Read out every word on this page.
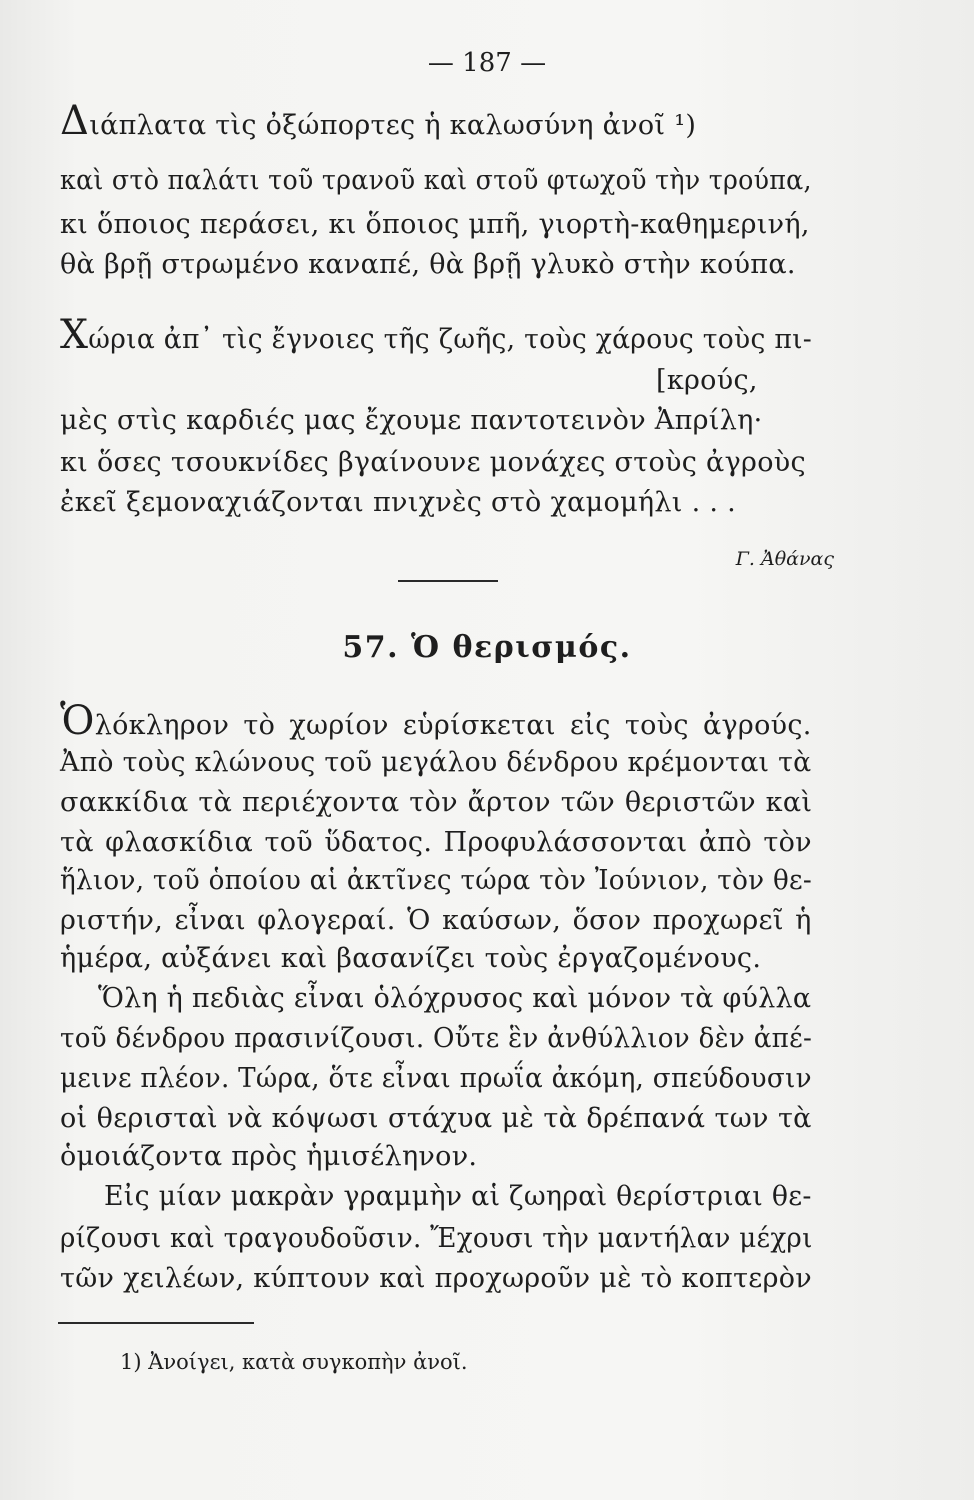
— 187 —
Διάπλατα τὶς ὀξώπορτες ἡ καλωσύνη ἀνοῖ ¹)
καὶ στὸ παλάτι τοῦ τρανοῦ καὶ στοῦ φτωχοῦ τὴν τρούπα,
κι ὅποιος περάσει, κι ὅποιος μπῆ, γιορτὴ-καθημερινή,
θὰ βρῇ στρωμένο καναπέ, θὰ βρῇ γλυκὸ στὴν κούπα.
Χώρια ἀπ᾿ τὶς ἔγνοιες τῆς ζωῆς, τοὺς χάρους τοὺς πι-
[κρούς,
μὲς στὶς καρδιές μας ἔχουμε παντοτεινὸν Ἀπρίλη·
κι ὅσες τσουκνίδες βγαίνουνε μονάχες στοὺς ἀγροὺς
ἐκεῖ ξεμοναχιάζονται πνιχνὲς στὸ χαμομήλι . . .
Γ. Ἀθάνας
57. Ὁ θερισμός.
Ὁλόκληρον τὸ χωρίον εὑρίσκεται εἰς τοὺς ἀγρούς.
Ἀπὸ τοὺς κλώνους τοῦ μεγάλου δένδρου κρέμονται τὰ
σακκίδια τὰ περιέχοντα τὸν ἄρτον τῶν θεριστῶν καὶ
τὰ φλασκίδια τοῦ ὕδατος. Προφυλάσσονται ἀπὸ τὸν
ἥλιον, τοῦ ὁποίου αἱ ἀκτῖνες τώρα τὸν Ἰούνιον, τὸν θε-
ριστήν, εἶναι φλογεραί. Ὁ καύσων, ὅσον προχωρεῖ ἡ
ἡμέρα, αὐξάνει καὶ βασανίζει τοὺς ἐργαζομένους.
Ὅλη ἡ πεδιὰς εἶναι ὁλόχρυσος καὶ μόνον τὰ φύλλα
τοῦ δένδρου πρασινίζουσι. Οὔτε ἓν ἀνθύλλιον δὲν ἀπέ-
μεινε πλέον. Τώρα, ὅτε εἶναι πρωΐα ἀκόμη, σπεύδουσιν
οἱ θερισταὶ νὰ κόψωσι στάχυα μὲ τὰ δρέπανά των τὰ
ὁμοιάζοντα πρὸς ἡμισέληνον.
Εἰς μίαν μακρὰν γραμμὴν αἱ ζωηραὶ θερίστριαι θε-
ρίζουσι καὶ τραγουδοῦσιν. Ἔχουσι τὴν μαντήλαν μέχρι
τῶν χειλέων, κύπτουν καὶ προχωροῦν μὲ τὸ κοπτερὸν
1) Ἀνοίγει, κατὰ συγκοπὴν ἀνοῖ.
